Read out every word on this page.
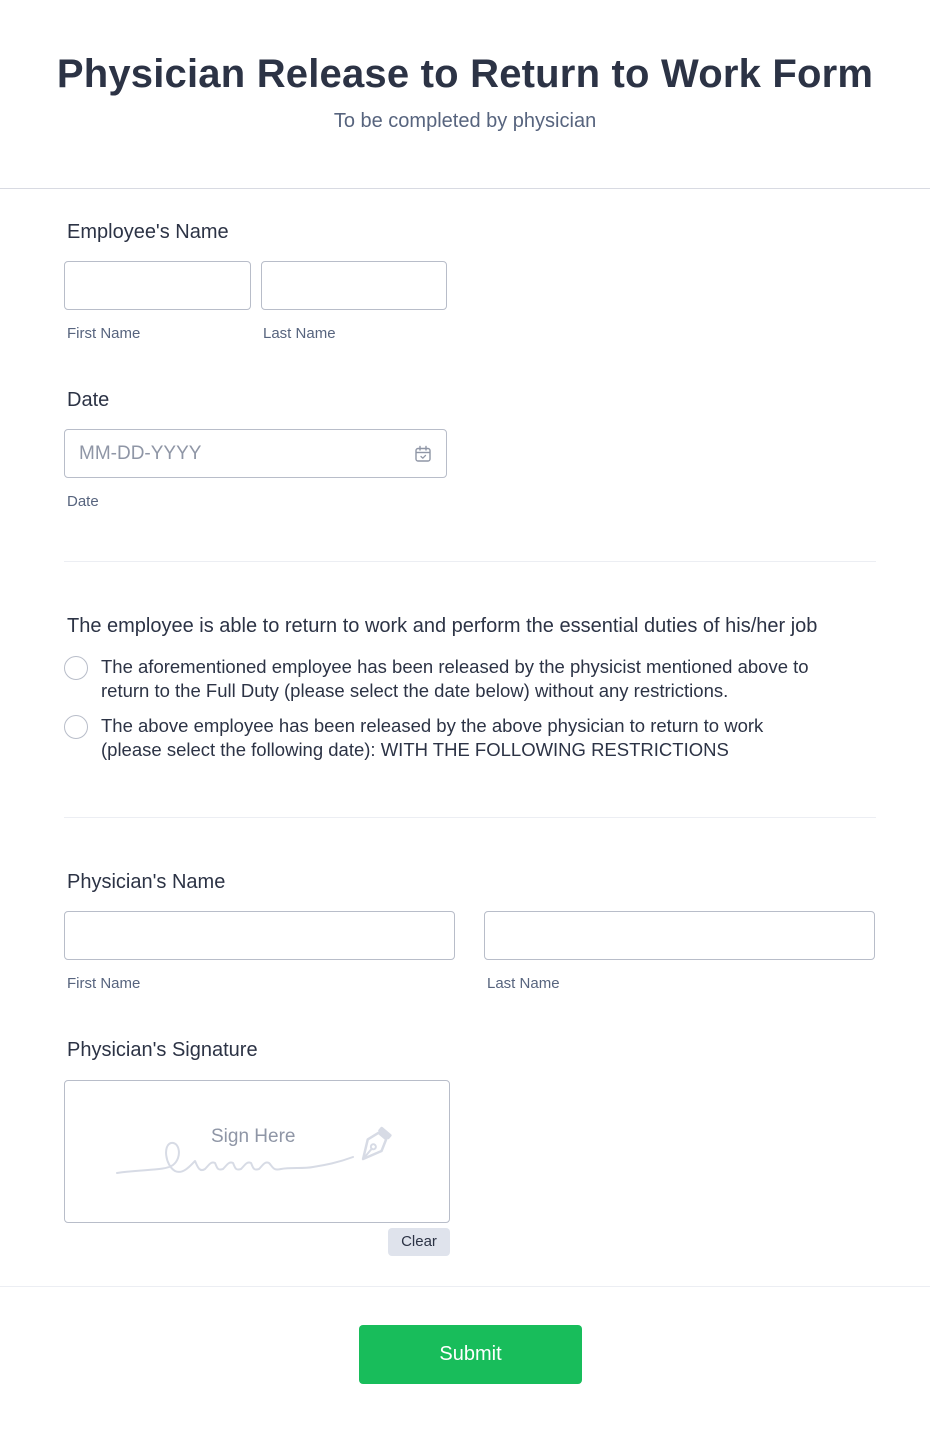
Physician Release to Return to Work Form
To be completed by physician
Employee's Name
First Name	Last Name
Date
MM-DD-YYYY
Date
The employee is able to return to work and perform the essential duties of his/her job
The aforementioned employee has been released by the physicist mentioned above to
return to the Full Duty (please select the date below) without any restrictions.
The above employee has been released by the above physician to return to work
(please select the following date): WITH THE FOLLOWING RESTRICTIONS
Physician's Name
First Name	Last Name
Physician's Signature
Sign Here
Clear
Submit
